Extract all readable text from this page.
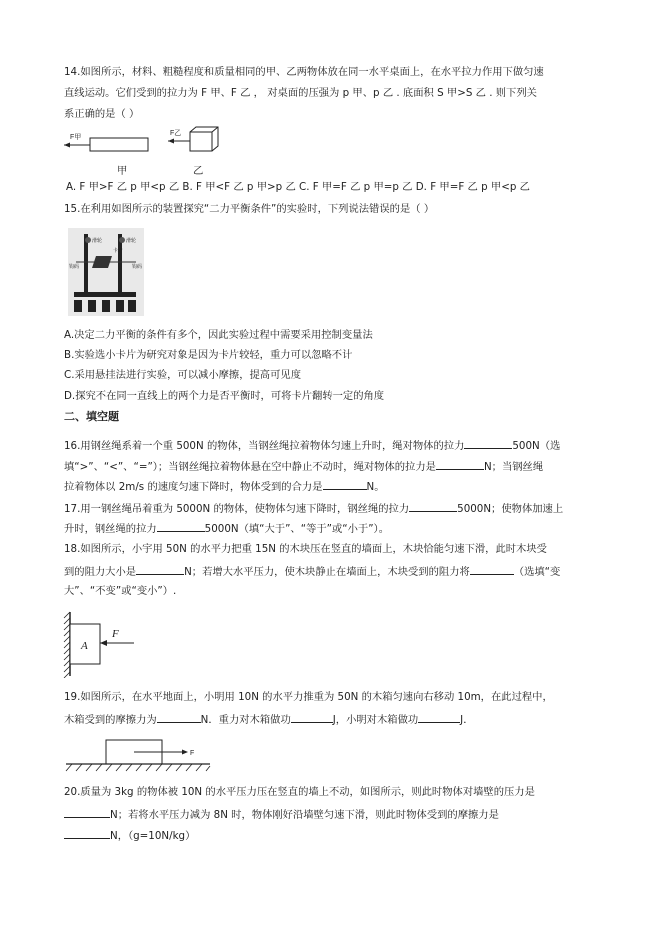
14.如图所示，材料、粗糙程度和质量相同的甲、乙两物体放在同一水平桌面上，在水平拉力作用下做匀速
直线运动。它们受到的拉力为 F 甲、F 乙 ， 对桌面的压强为 p 甲、p 乙 . 底面积 S 甲>S 乙 . 则下列关
系正确的是（ ）
F甲
F乙
甲	乙
A. F 甲>F 乙 p 甲<p 乙 B. F 甲<F 乙 p 甲>p 乙 C. F 甲=F 乙 p 甲=p 乙 D. F 甲=F 乙 p 甲<p 乙
15.在利用如图所示的装置探究“二力平衡条件”的实验时，下列说法错误的是（ ）
滑轮	滑轮
卡片
钩码	钩码
A.决定二力平衡的条件有多个，因此实验过程中需要采用控制变量法
B.实验选小卡片为研究对象是因为卡片较轻，重力可以忽略不计
C.采用悬挂法进行实验，可以减小摩擦，提高可见度
D.探究不在同一直线上的两个力是否平衡时，可将卡片翻转一定的角度
二、填空题
16.用钢丝绳系着一个重 500N 的物体，当钢丝绳拉着物体匀速上升时，绳对物体的拉力	500N（选
填“>”、“<”、“=”）；当钢丝绳拉着物体悬在空中静止不动时，绳对物体的拉力是	N；当钢丝绳
拉着物体以 2m/s 的速度匀速下降时，物体受到的合力是	N。
17.用一钢丝绳吊着重为 5000N 的物体，使物体匀速下降时，钢丝绳的拉力	5000N；使物体加速上
升时，钢丝绳的拉力	5000N（填“大于”、“等于”或“小于”）。
18.如图所示，小宇用 50N 的水平力把重 15N 的木块压在竖直的墙面上，木块恰能匀速下滑，此时木块受
到的阻力大小是	N；若增大水平压力，使木块静止在墙面上，木块受到的阻力将	（选填“变
大”、“不变”或“变小”）.
A
F
19.如图所示，在水平地面上，小明用 10N 的水平力推重为 50N 的木箱匀速向右移动 10m，在此过程中，
木箱受到的摩擦力为	N．重力对木箱做功	J，小明对木箱做功	J．
F
20.质量为 3kg 的物体被 10N 的水平压力压在竖直的墙上不动，如图所示，则此时物体对墙壁的压力是
N；若将水平压力减为 8N 时，物体刚好沿墙壁匀速下滑，则此时物体受到的摩擦力是
N，（g=10N/kg）
